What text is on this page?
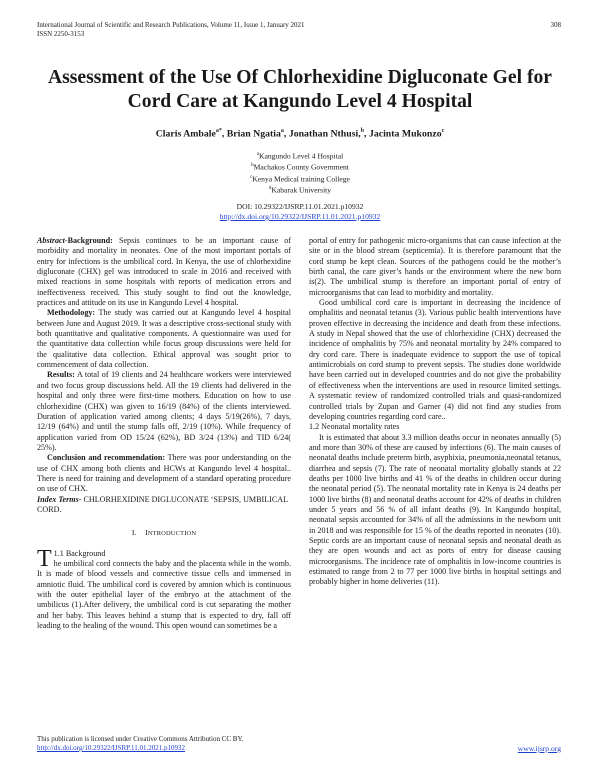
International Journal of Scientific and Research Publications, Volume 11, Issue 1, January 2021
ISSN 2250-3153
308
Assessment of the Use Of Chlorhexidine Digluconate Gel for Cord Care at Kangundo Level 4 Hospital
Claris Ambale$^{a*}$, Brian Ngatia$^a$, Jonathan Nthusi,$^b$, Jacinta Mukonzo$^c$
$^a$Kangundo Level 4 Hospital
$^b$Machakos County Government
$^c$Kenya Medical training College
$^d$Kabarak University
DOI: 10.29322/IJSRP.11.01.2021.p10932
http://dx.doi.org/10.29322/IJSRP.11.01.2021.p10932

Abstract-Background: Sepsis continues to be an important cause of morbidity and mortality in neonates. One of the most important portals of entry for infections is the umbilical cord. In Kenya, the use of chlorhexidine digluconate (CHX) gel was introduced to scale in 2016 and received with mixed reactions in some hospitals with reports of medication errors and ineffectiveness received. This study sought to find out the knowledge, practices and attitude on its use in Kangundo Level 4 hospital.

Methodology: The study was carried out at Kangundo level 4 hospital between June and August 2019. It was a descriptive cross-sectional study with both quantitative and qualitative components. A questionnaire was used for the quantitative data collection while focus group discussions were held for the qualitative data collection. Ethical approval was sought prior to commencement of data collection.

Results: A total of 19 clients and 24 healthcare workers were interviewed and two focus group discussions held. All the 19 clients had delivered in the hospital and only three were first-time mothers. Education on how to use chlorhexidine (CHX) was given to 16/19 (84%) of the clients interviewed. Duration of application varied among clients; 4 days 5/19(26%), 7 days, 12/19 (64%) and until the stump falls off, 2/19 (10%). While frequency of application varied from OD 15/24 (62%), BD 3/24 (13%) and TID 6/24( 25%).

Conclusion and recommendation: There was poor understanding on the use of CHX among both clients and HCWs at Kangundo level 4 hospital.. There is need for training and development of a standard operating procedure on use of CHX.

Index Terms- CHLORHEXIDINE DIGLUCONATE ‘SEPSIS, UMBILICAL CORD.

I. INTRODUCTION

T 1.1 Background
he umbilical cord connects the baby and the placenta while in the womb. It is made of blood vessels and connective tissue cells and immersed in amniotic fluid. The umbilical cord is covered by amnion which is continuous with the outer epithelial layer of the embryo at the attachment of the umbilicus (1).After delivery, the umbilical cord is cut separating the mother and her baby. This leaves behind a stump that is expected to dry, fall off leading to the healing of the wound. This open wound can sometimes be a

portal of entry for pathogenic micro-organisms that can cause infection at the site or in the blood stream (septicemia). It is therefore paramount that the cord stump be kept clean. Sources of the pathogens could be the mother’s birth canal, the care giver’s hands or the environment where the new born is(2). The umbilical stump is therefore an important portal of entry of microorganisms that can lead to morbidity and mortality.

Good umbilical cord care is important in decreasing the incidence of omphalitis and neonatal tetanus (3). Various public health interventions have proven effective in decreasing the incidence and death from these infections. A study in Nepal showed that the use of chlorhexidine (CHX) decreased the incidence of omphalitis by 75% and neonatal mortality by 24% compared to dry cord care. There is inadequate evidence to support the use of topical antimicrobials on cord stump to prevent sepsis. The studies done worldwide have been carried out in developed countries and do not give the probability of effectiveness when the interventions are used in resource limited settings. A systematic review of randomized controlled trials and quasi-randomized controlled trials by Zupan and Garner (4) did not find any studies from developing countries regarding cord care..

1.2 Neonatal mortality rates

It is estimated that about 3.3 million deaths occur in neonates annually (5) and more than 30% of these are caused by infections (6). The main causes of neonatal deaths include preterm birth, asyphixia, pneumonia,neonatal tetanus, diarrhea and sepsis (7). The rate of neonatal mortality globally stands at 22 deaths per 1000 live births and 41 % of the deaths in children occur during the neonatal period (5). The neonatal mortality rate in Kenya is 24 deaths per 1000 live births (8) and neonatal deaths account for 42% of deaths in children under 5 years and 56 % of all infant deaths (9). In Kangundo hospital, neonatal sepsis accounted for 34% of all the admissions in the newborn unit in 2018 and was responsible for 15 % of the deaths reported in neonates (10). Septic cords are an important cause of neonatal sepsis and neonatal death as they are open wounds and act as ports of entry for disease causing microorganisms. The incidence rate of omphalitis in low-income countries is estimated to range from 2 to 77 per 1000 live births in hospital settings and probably higher in home deliveries (11).

This publication is licensed under Creative Commons Attribution CC BY.
http://dx.doi.org/10.29322/IJSRP.11.01.2021.p10932	www.ijsrp.org
